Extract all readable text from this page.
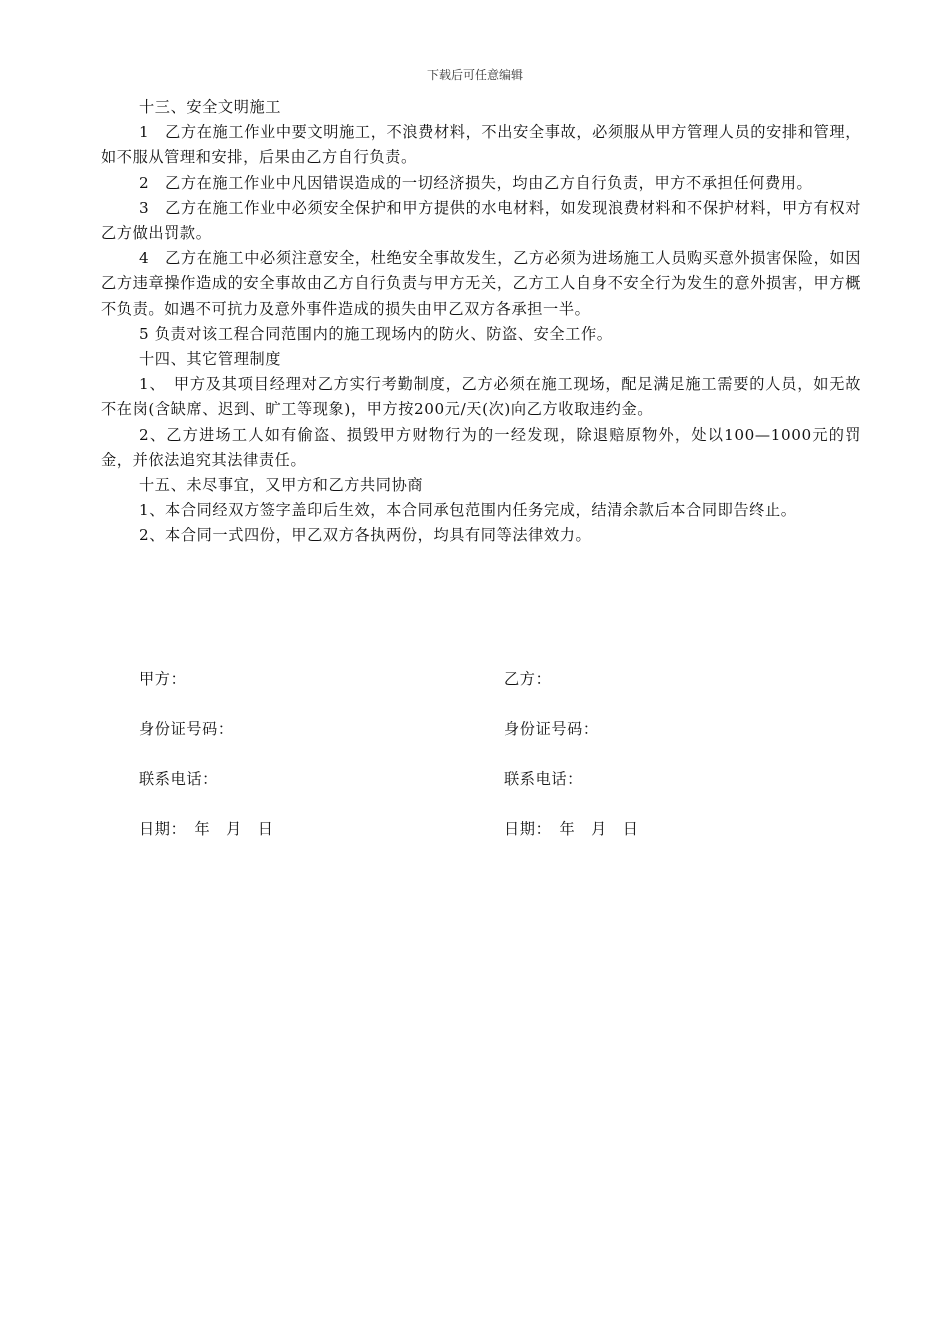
下载后可任意编辑

十三、安全文明施工

1　乙方在施工作业中要文明施工，不浪费材料，不出安全事故，必须服从甲方管理人员的安排和管理，如不服从管理和安排，后果由乙方自行负责。

2　乙方在施工作业中凡因错误造成的一切经济损失，均由乙方自行负责，甲方不承担任何费用。

3　乙方在施工作业中必须安全保护和甲方提供的水电材料，如发现浪费材料和不保护材料，甲方有权对乙方做出罚款。

4　乙方在施工中必须注意安全，杜绝安全事故发生，乙方必须为进场施工人员购买意外损害保险，如因乙方违章操作造成的安全事故由乙方自行负责与甲方无关，乙方工人自身不安全行为发生的意外损害，甲方概不负责。如遇不可抗力及意外事件造成的损失由甲乙双方各承担一半。

5 负责对该工程合同范围内的施工现场内的防火、防盗、安全工作。

十四、其它管理制度

1、　甲方及其项目经理对乙方实行考勤制度，乙方必须在施工现场，配足满足施工需要的人员，如无故不在岗(含缺席、迟到、旷工等现象)，甲方按200元/天(次)向乙方收取违约金。

2、乙方进场工人如有偷盗、损毁甲方财物行为的一经发现，除退赔原物外，处以100—1000元的罚金，并依法追究其法律责任。

十五、未尽事宜，又甲方和乙方共同协商

1、本合同经双方签字盖印后生效，本合同承包范围内任务完成，结清余款后本合同即告终止。

2、本合同一式四份，甲乙双方各执两份，均具有同等法律效力。

甲方：	乙方：
身份证号码：	身份证号码：
联系电话：	联系电话：
日期：　年　月　日	日期：　年　月　日
